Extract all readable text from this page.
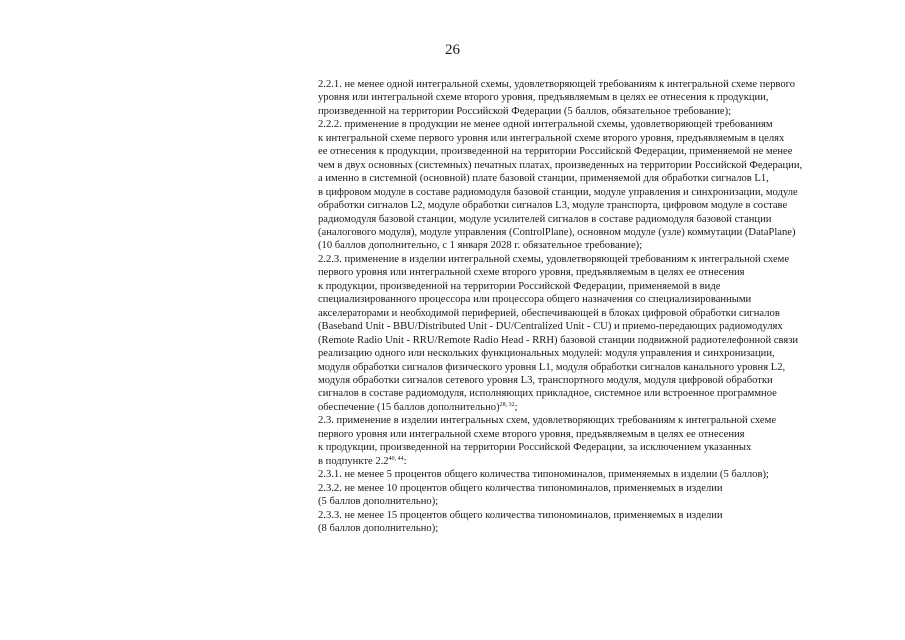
26
2.2.1. не менее одной интегральной схемы, удовлетворяющей требованиям к интегральной схеме первого
уровня или интегральной схеме второго уровня, предъявляемым в целях ее отнесения к продукции,
произведенной на территории Российской Федерации (5 баллов, обязательное требование);
2.2.2. применение в продукции не менее одной интегральной схемы, удовлетворяющей требованиям
к интегральной схеме первого уровня или интегральной схеме второго уровня, предъявляемым в целях
ее отнесения к продукции, произведенной на территории Российской Федерации, применяемой не менее
чем в двух основных (системных) печатных платах, произведенных на территории Российской Федерации,
а именно в системной (основной) плате базовой станции, применяемой для обработки сигналов L1,
в цифровом модуле в составе радиомодуля базовой станции, модуле управления и синхронизации, модуле
обработки сигналов L2, модуле обработки сигналов L3, модуле транспорта, цифровом модуле в составе
радиомодуля базовой станции, модуле усилителей сигналов в составе радиомодуля базовой станции
(аналогового модуля), модуле управления (ControlPlane), основном модуле (узле) коммутации (DataPlane)
(10 баллов дополнительно, с 1 января 2028 г. обязательное требование);
2.2.3. применение в изделии интегральной схемы, удовлетворяющей требованиям к интегральной схеме
первого уровня или интегральной схеме второго уровня, предъявляемым в целях ее отнесения
к продукции, произведенной на территории Российской Федерации, применяемой в виде
специализированного процессора или процессора общего назначения со специализированными
акселераторами и необходимой периферией, обеспечивающей в блоках цифровой обработки сигналов
(Baseband Unit - BBU/Distributed Unit - DU/Centralized Unit - CU) и приемо-передающих радиомодулях
(Remote Radio Unit - RRU/Remote Radio Head - RRH) базовой станции подвижной радиотелефонной связи
реализацию одного или нескольких функциональных модулей: модуля управления и синхронизации,
модуля обработки сигналов физического уровня L1, модуля обработки сигналов канального уровня L2,
модуля обработки сигналов сетевого уровня L3, транспортного модуля, модуля цифровой обработки
сигналов в составе радиомодуля, исполняющих прикладное, системное или встроенное программное
обеспечение (15 баллов дополнительно)$^{28, 32}$;
2.3. применение в изделии интегральных схем, удовлетворяющих требованиям к интегральной схеме
первого уровня или интегральной схеме второго уровня, предъявляемым в целях ее отнесения
к продукции, произведенной на территории Российской Федерации, за исключением указанных
в подпункте 2.2$^{40, 44}$:
2.3.1. не менее 5 процентов общего количества типономиналов, применяемых в изделии (5 баллов);
2.3.2. не менее 10 процентов общего количества типономиналов, применяемых в изделии
(5 баллов дополнительно);
2.3.3. не менее 15 процентов общего количества типономиналов, применяемых в изделии
(8 баллов дополнительно);
